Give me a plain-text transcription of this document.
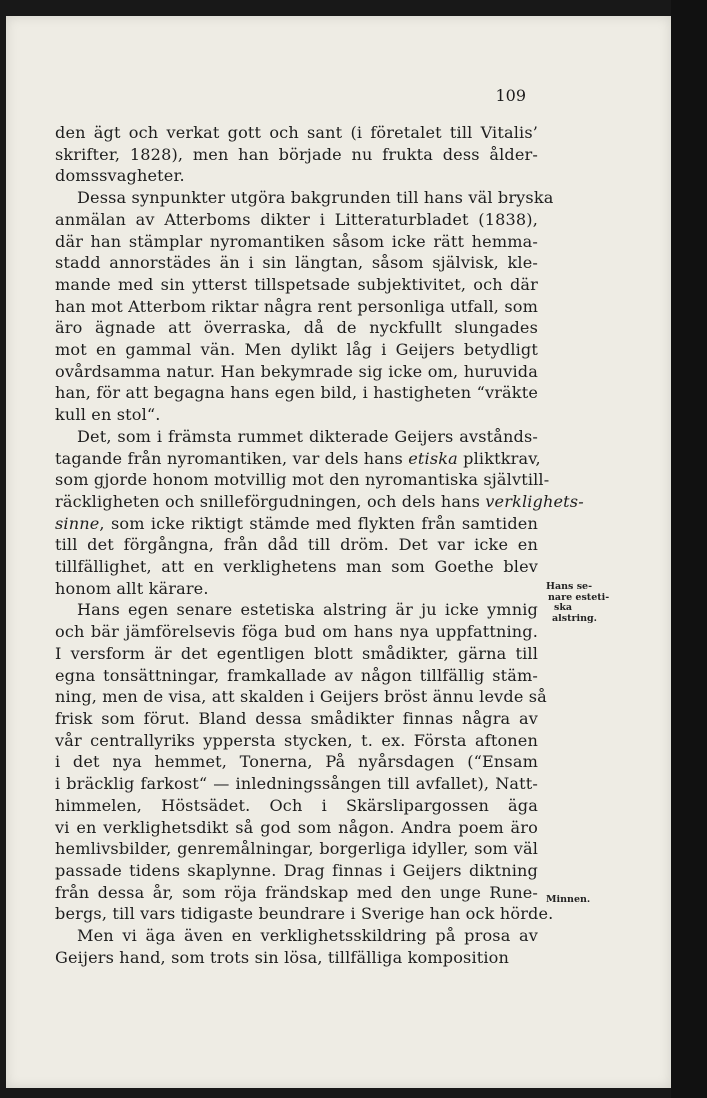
109
den ägt och verkat gott och sant (i företalet till Vitalis’
skrifter, 1828), men han började nu frukta dess ålder-
domssvagheter.
Dessa synpunkter utgöra bakgrunden till hans väl bryska
anmälan av Atterboms dikter i Litteraturbladet (1838),
där han stämplar nyromantiken såsom icke rätt hemma-
stadd annorstädes än i sin längtan, såsom självisk, kle-
mande med sin ytterst tillspetsade subjektivitet, och där
han mot Atterbom riktar några rent personliga utfall, som
äro ägnade att överraska, då de nyckfullt slungades
mot en gammal vän. Men dylikt låg i Geijers betydligt
ovårdsamma natur. Han bekymrade sig icke om, huruvida
han, för att begagna hans egen bild, i hastigheten “vräkte
kull en stol“.
Det, som i främsta rummet dikterade Geijers avstånds-
tagande från nyromantiken, var dels hans etiska pliktkrav,
som gjorde honom motvillig mot den nyromantiska självtill-
räckligheten och snilleförgudningen, och dels hans verklighets-
sinne, som icke riktigt stämde med flykten från samtiden
till det förgångna, från dåd till dröm. Det var icke en
tillfällighet, att en verklighetens man som Goethe blev
honom allt kärare.
Hans egen senare estetiska alstring är ju icke ymnig
och bär jämförelsevis föga bud om hans nya uppfattning.
I versform är det egentligen blott smådikter, gärna till
egna tonsättningar, framkallade av någon tillfällig stäm-
ning, men de visa, att skalden i Geijers bröst ännu levde så
frisk som förut. Bland dessa smådikter finnas några av
vår centrallyriks yppersta stycken, t. ex. Första aftonen
i det nya hemmet, Tonerna, På nyårsdagen (“Ensam
i bräcklig farkost“ — inledningssången till avfallet), Natt-
himmelen, Höstsädet. Och i Skärslipargossen äga
vi en verklighetsdikt så god som någon. Andra poem äro
hemlivsbilder, genremålningar, borgerliga idyller, som väl
passade tidens skaplynne. Drag finnas i Geijers diktning
från dessa år, som röja frändskap med den unge Rune-
bergs, till vars tidigaste beundrare i Sverige han ock hörde.
Men vi äga även en verklighetsskildring på prosa av
Geijers hand, som trots sin lösa, tillfälliga komposition
Hans se-
nare esteti-
ska
alstring.
Minnen.
